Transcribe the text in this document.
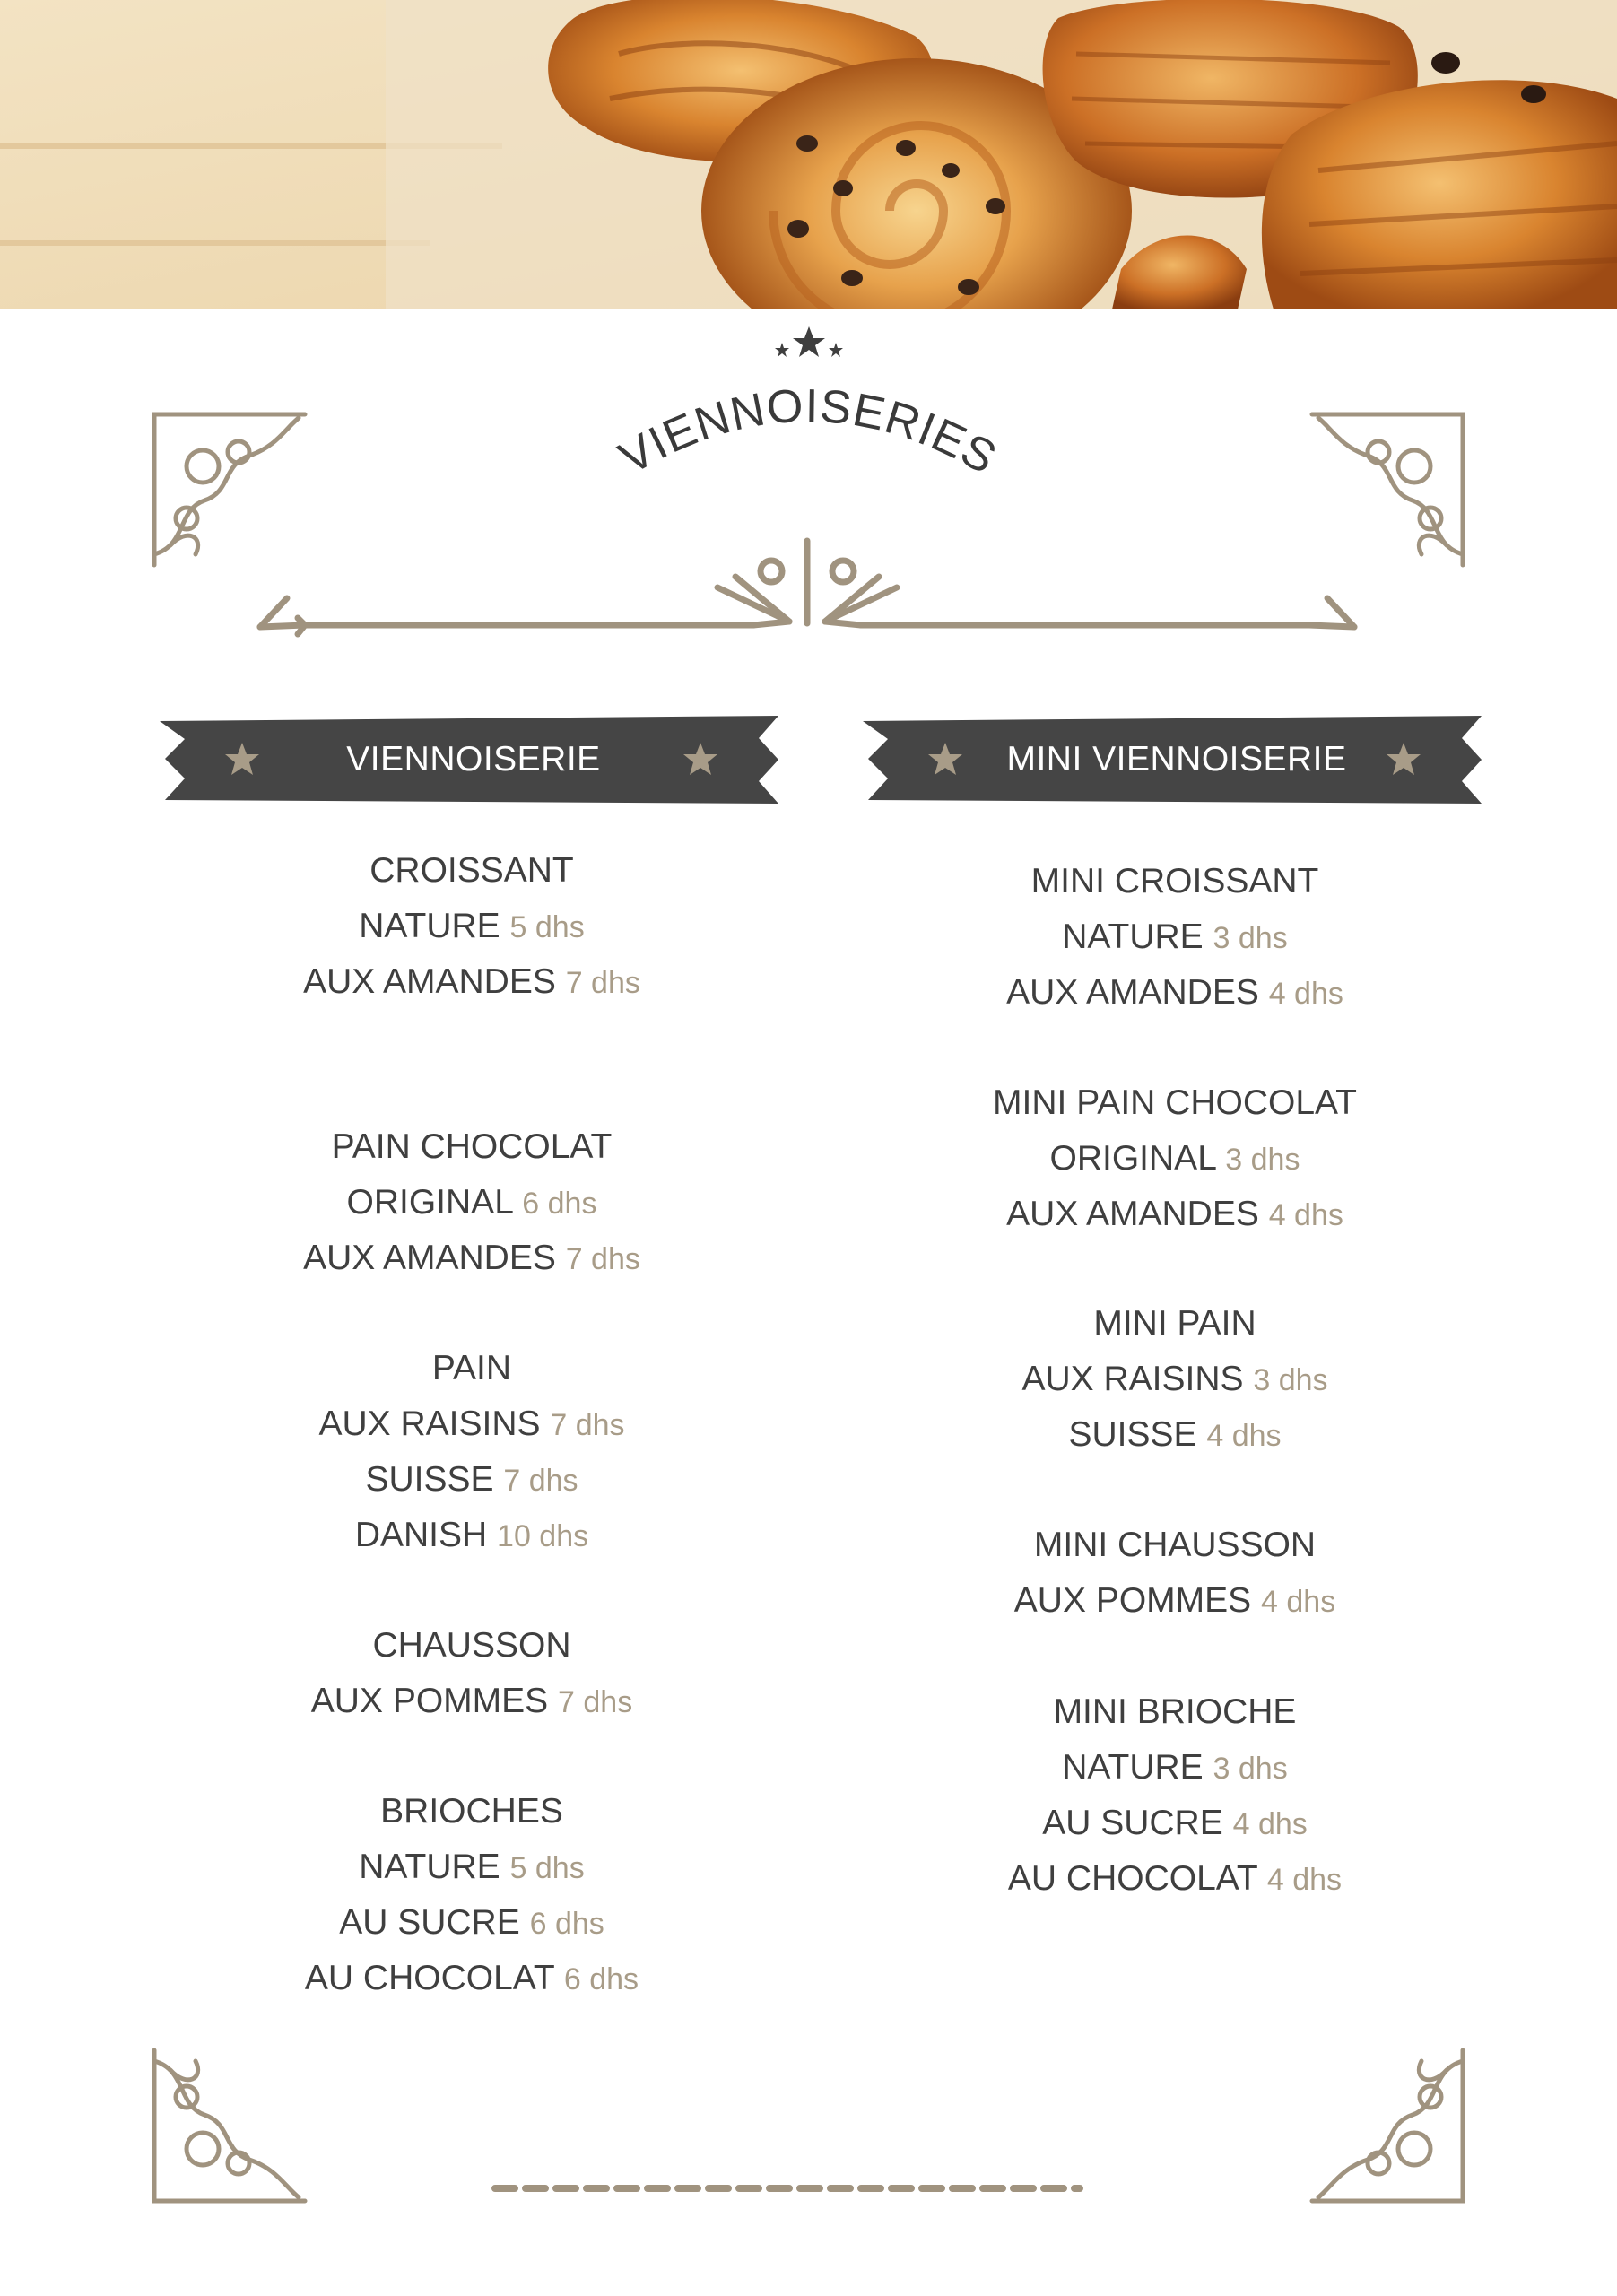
VIENNOISERIES
VIENNOISERIE	MINI VIENNOISERIE
CROISSANT
NATURE 5 dhs
AUX AMANDES 7 dhs
PAIN CHOCOLAT
ORIGINAL 6 dhs
AUX AMANDES 7 dhs
PAIN
AUX RAISINS 7 dhs
SUISSE 7 dhs
DANISH 10 dhs
CHAUSSON
AUX POMMES 7 dhs
BRIOCHES
NATURE 5 dhs
AU SUCRE 6 dhs
AU CHOCOLAT 6 dhs
MINI CROISSANT
NATURE 3 dhs
AUX AMANDES 4 dhs
MINI PAIN CHOCOLAT
ORIGINAL 3 dhs
AUX AMANDES 4 dhs
MINI PAIN
AUX RAISINS 3 dhs
SUISSE 4 dhs
MINI CHAUSSON
AUX POMMES 4 dhs
MINI BRIOCHE
NATURE 3 dhs
AU SUCRE 4 dhs
AU CHOCOLAT 4 dhs
